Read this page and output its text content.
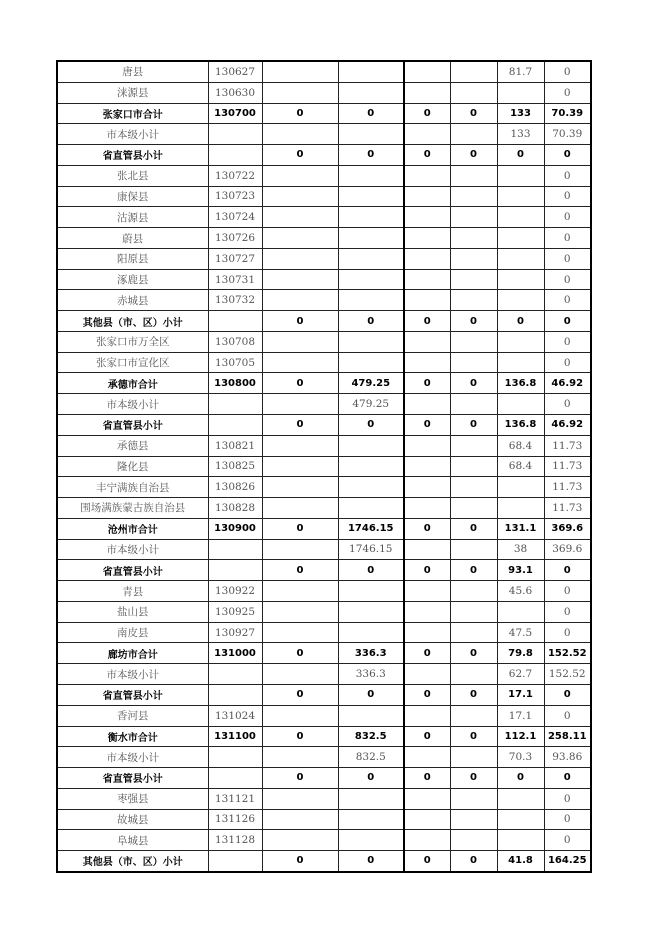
唐县	130627					81.7	0
涞源县	130630						0
张家口市合计	130700	0	0	0	0	133	70.39
市本级小计						133	70.39
省直管县小计		0	0	0	0	0	0
张北县	130722						0
康保县	130723						0
沽源县	130724						0
蔚县	130726						0
阳原县	130727						0
涿鹿县	130731						0
赤城县	130732						0
其他县（市、区）小计		0	0	0	0	0	0
张家口市万全区	130708						0
张家口市宣化区	130705						0
承德市合计	130800	0	479.25	0	0	136.8	46.92
市本级小计			479.25				0
省直管县小计		0	0	0	0	136.8	46.92
承德县	130821					68.4	11.73
隆化县	130825					68.4	11.73
丰宁满族自治县	130826						11.73
围场满族蒙古族自治县	130828						11.73
沧州市合计	130900	0	1746.15	0	0	131.1	369.6
市本级小计			1746.15			38	369.6
省直管县小计		0	0	0	0	93.1	0
青县	130922					45.6	0
盐山县	130925						0
南皮县	130927					47.5	0
廊坊市合计	131000	0	336.3	0	0	79.8	152.52
市本级小计			336.3			62.7	152.52
省直管县小计		0	0	0	0	17.1	0
香河县	131024					17.1	0
衡水市合计	131100	0	832.5	0	0	112.1	258.11
市本级小计			832.5			70.3	93.86
省直管县小计		0	0	0	0	0	0
枣强县	131121						0
故城县	131126						0
阜城县	131128						0
其他县（市、区）小计		0	0	0	0	41.8	164.25
